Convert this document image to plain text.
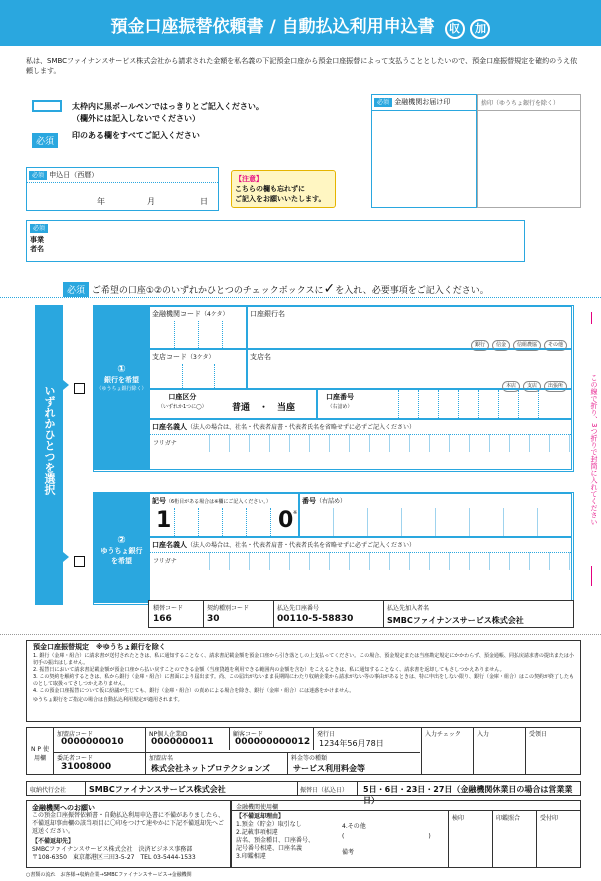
預金口座振替依頼書 / 自動払込利用申込書 収 加
私は、SMBCファイナンスサービス株式会社から請求された金額を私名義の下記預金口座から預金口座振替によって支払うこととしたいので、預金口座振替規定を確約のうえ依頼します。
太枠内に黒ボールペンではっきりとご記入ください。
（欄外には記入しないでください）
必須
印のある欄をすべてご記入ください
必須 金融機関お届け印	捨印（ゆうちょ銀行を除く）
必須 申込日（西暦）
年	月	日
【注意】
こちらの欄も忘れずに
ご記入をお願いいたします。
必須
事業
者名
必須 ご希望の口座①②のいずれかひとつのチェックボックスに✓を入れ、必要事項をご記入ください。
いずれかひとつを選択	この線で折り、3つ折りで封筒に入れてください
①
銀行を希望
（ゆうちょ銀行除く）
金融機関コード（4ケタ）	口座銀行名
銀行 信金 信組農協 その他
支店コード（3ケタ）	支店名
本店 支店 出張所
口座区分
（いずれか1つに◯）	普通　・　当座
口座番号
（右詰め）
口座名義人（法人の場合は、社名・代表者肩書・代表者氏名を省略せずに必ずご記入ください）
フリガナ
②
ゆうちょ銀行
を希望
記号（6桁目がある場合は※欄にご記入ください。）
1	0 ※
番号（右詰め）
口座名義人（法人の場合は、社名・代表者肩書・代表者氏名を省略せずに必ずご記入ください）
フリガナ
積替コード	契約種別コード	払込先口座番号	払込先加入者名
166	30	00110-5-58830	SMBCファイナンスサービス株式会社
預金口座振替規定　 ※ゆうちょ銀行を除く
1. 銀行（金庫・組合）に請求書が送付されたときは、私に通知することなく、請求書記載金額を預金口座から引き落としの上支払ってください。この場合、預金規定または当座勘定規定にかかわらず、預金通帳、同払戻請求書の提出または小切手の振出はしません。
2. 振替日において請求書記載金額が預金口座から払い戻すことのできる金額（当座貸越を利用できる範囲内の金額を含む）をこえるときは、私に通知することなく、請求書を返却してもさしつかえありません。
3. この契約を解約するときは、私から銀行（金庫・組合）に書面により届出ます。尚、この届出がないまま長期間にわたり収納企業から請求がない等の事由があるときは、特に申出をしない限り、銀行（金庫・組合）はこの契約が終了したものとして取扱ってさしつかえありません。
4. この預金口座振替について仮に紛議が生じても、銀行（金庫・組合）の責めによる場合を除き、銀行（金庫・組合）には迷惑をかけません。
ゆうちょ銀行をご指定の場合は自動払込利用規定が適用されます。
N P 使用欄
加盟店コード	NP個人企業ID	顧客コード	発行日
0000000010	0000000011 000000000012 1234年56月78日
委託者コード	加盟店名	料金等の種類
31008000	株式会社ネットプロテクションズ	サービス利用料金等
入力チェック	入力	受領日
収納代行会社	SMBCファイナンスサービス株式会社	振替日（払込日） 5日・6日・23日・27日（金融機関休業日の場合は営業業日）
金融機関へのお願い
この預金口座振替依頼書・自動払込利用申込書に不備がありましたら、不備返却事由欄の該当項目に〇印をつけて速やかに下記不備返却先へご返送ください。
【不備返却先】
SMBCファイナンスサービス株式会社　決済ビジネス事務部
〒108-6350　東京都港区三田3-5-27　TEL 03-5444-1533
金融機関使用欄
【不備返却理由】
1.預金（貯金）取引なし
2.記載事項相違
店名、預金種目、口座番号、
記号番号相違、口座名義
3.印鑑相違
4.その他
(　　　　　　　　　　　　　　)
備考
検印	印鑑照合	受付印
○書類の流れ　お客様→収納企業→SMBCファイナンスサービス→金融機関
